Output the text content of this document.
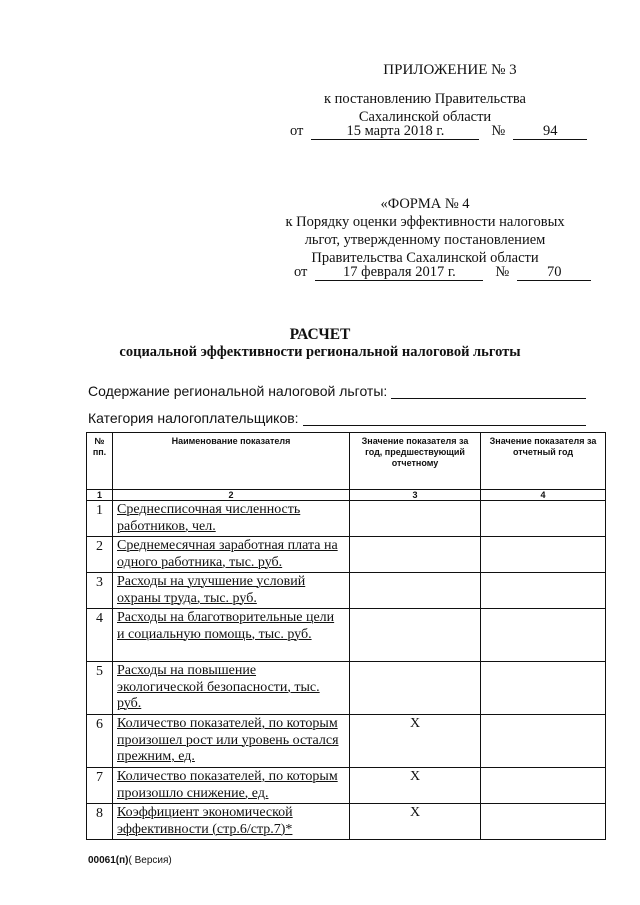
ПРИЛОЖЕНИЕ № 3
к постановлению Правительства
Сахалинской области
от	15 марта 2018 г.	№	94
«ФОРМА № 4
к Порядку оценки эффективности налоговых
льгот, утвержденному постановлением
Правительства Сахалинской области
от	17 февраля 2017 г.	№	70
РАСЧЕТ
социальной эффективности региональной налоговой льготы
Содержание региональной налоговой льготы:
Категория налогоплательщиков:
№ пп.	Наименование показателя	Значение показателя за год, предшествующий отчетному	Значение показателя за отчетный год
1	2	3	4
1	Среднесписочная численность работников, чел.		
2	Среднемесячная заработная плата на одного работника, тыс. руб.		
3	Расходы на улучшение условий охраны труда, тыс. руб.		
4	Расходы на благотворительные цели и социальную помощь, тыс. руб.		
5	Расходы на повышение экологической безопасности, тыс. руб.		
6	Количество показателей, по которым произошел рост или уровень остался прежним, ед.	Х	
7	Количество показателей, по которым произошло снижение, ед.	Х	
8	Коэффициент экономической эффективности (стр.6/стр.7)*	Х	
00061(п)( Версия)
